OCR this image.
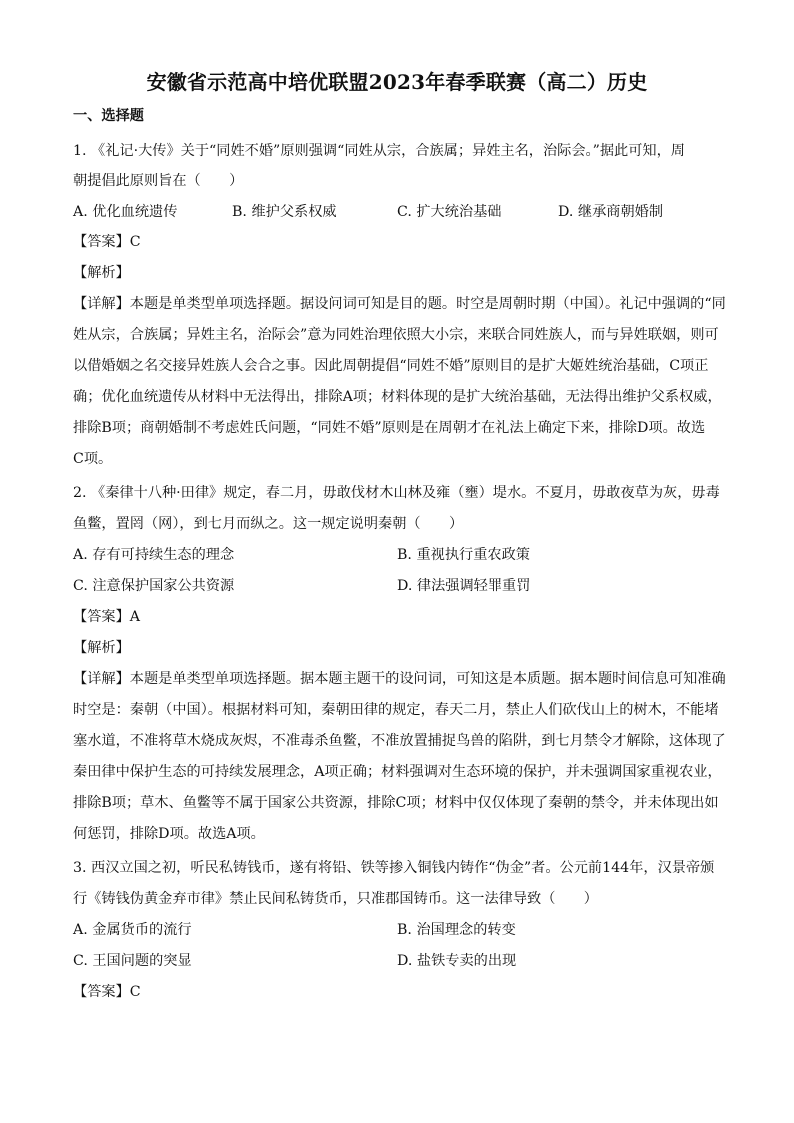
安徽省示范高中培优联盟2023年春季联赛（高二）历史
一、选择题
1. 《礼记·大传》关于“同姓不婚”原则强调“同姓从宗，合族属；异姓主名，治际会。”据此可知，周
朝提倡此原则旨在（　　）
A. 优化血统遗传	B. 维护父系权威	C. 扩大统治基础	D. 继承商朝婚制
【答案】C
【解析】
【详解】本题是单类型单项选择题。据设问词可知是目的题。时空是周朝时期（中国）。礼记中强调的“同
姓从宗，合族属；异姓主名，治际会”意为同姓治理依照大小宗，来联合同姓族人，而与异姓联姻，则可
以借婚姻之名交接异姓族人会合之事。因此周朝提倡“同姓不婚”原则目的是扩大姬姓统治基础，C项正
确；优化血统遗传从材料中无法得出，排除A项；材料体现的是扩大统治基础，无法得出维护父系权威，
排除B项；商朝婚制不考虑姓氏问题，“同姓不婚”原则是在周朝才在礼法上确定下来，排除D项。故选
C项。
2. 《秦律十八种·田律》规定，春二月，毋敢伐材木山林及雍（壅）堤水。不夏月，毋敢夜草为灰，毋毒
鱼鳖，置罔（网），到七月而纵之。这一规定说明秦朝（　　）
A. 存有可持续生态的理念	B. 重视执行重农政策
C. 注意保护国家公共资源	D. 律法强调轻罪重罚
【答案】A
【解析】
【详解】本题是单类型单项选择题。据本题主题干的设问词，可知这是本质题。据本题时间信息可知准确
时空是：秦朝（中国）。根据材料可知，秦朝田律的规定，春天二月，禁止人们砍伐山上的树木，不能堵
塞水道，不准将草木烧成灰烬，不准毒杀鱼鳖，不准放置捕捉鸟兽的陷阱，到七月禁令才解除，这体现了
秦田律中保护生态的可持续发展理念，A项正确；材料强调对生态环境的保护，并未强调国家重视农业，
排除B项；草木、鱼鳖等不属于国家公共资源，排除C项；材料中仅仅体现了秦朝的禁令，并未体现出如
何惩罚，排除D项。故选A项。
3. 西汉立国之初，听民私铸钱币，遂有将铅、铁等掺入铜钱内铸作“伪金”者。公元前144年，汉景帝颁
行《铸钱伪黄金弃市律》禁止民间私铸货币，只准郡国铸币。这一法律导致（　　）
A. 金属货币的流行	B. 治国理念的转变
C. 王国问题的突显	D. 盐铁专卖的出现
【答案】C
